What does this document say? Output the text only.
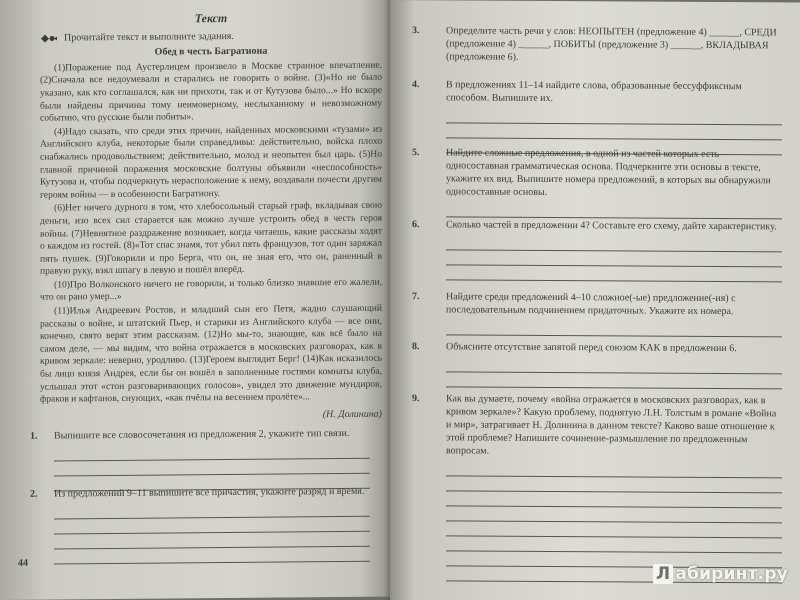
Текст
Прочитайте текст и выполните задания.
Обед в честь Багратиона

(1)Поражение под Аустерлицем произвело в Москве странное впечатление. (2)Сначала все недоумевали и старались не говорить о войне. (3)«Но не было указано, как кто соглашался, как ни прихоти, так и от Кутузова было...» Но вскоре были найдены причины тому неимоверному, неслыханному и невозможному событию, что русские были побиты».

(4)Надо сказать, что среди этих причин, найденных московскими «тузами» из Английского клуба, некоторые были справедливы: действительно, войска плохо снабжались продовольствием; действительно, молод и неопытен был царь. (5)Но главной причиной поражения московские болтуны объявили «неспособность» Кутузова и, чтобы подчеркнуть нерасположение к нему, воздавали почести другим героям войны — в особенности Багратиону.

(6)Нет ничего дурного в том, что хлебосольный старый граф, вкладывая свою деньги, изо всех сил старается как можно лучше устроить обед в честь героя войны. (7)Невнятное раздражение возникает, когда читаешь, какие рассказы ходят о каждом из гостей. (8)«Тот спас знамя, тот убил пять французов, тот один заряжал пять пушек. (9)Говорили и про Берга, что он, не зная его, что он, раненный в правую руку, взял шпагу в левую и пошёл вперёд.

(10)Про Волконского ничего не говорили, и только близко знавшие его жалели, что он рано умер...»

(11)Илья Андреевич Ростов, и младший сын его Петя, жадно слушающий рассказы о войне, и штатский Пьер, и старики из Английского клуба — все они, конечно, свято верят этим рассказам. (12)Но мы-то, знающие, как всё было на самом деле, — мы видим, что война отражается в московских разговорах, как в кривом зеркале: неверно, уродливо. (13)Героем выглядит Берг! (14)Как исказилось бы лицо князя Андрея, если бы он вошёл в заполненные гостями комнаты клуба, услышал этот «стон разговаривающих голосов», увидел это движение мундиров, фраков и кафтанов, снующих, «как пчёлы на весеннем пролёте»...

(Н. Долинина)
1.	Выпишите все словосочетания из предложения 2, укажите тип связи.
2.	Из предложений 9–11 выпишите все причастия, укажите разряд и время.
44
3.	Определите часть речи у слов: НЕОПЫТЕН (предложение 4) ______, СРЕДИ (предложение 4) ______, ПОБИТЫ (предложение 3) ______, ВКЛАДЫВАЯ (предложение 6).
4.	В предложениях 11–14 найдите слова, образованные бессуффиксным способом. Выпишите их.
5.	Найдите сложные предложения, в одной из частей которых есть односоставная грамматическая основа. Подчеркните эти основы в тексте, укажите их вид. Выпишите номера предложений, в которых вы обнаружили односоставные основы.
6.	Сколько частей в предложении 4? Составьте его схему, дайте характеристику.
7.	Найдите среди предложений 4–10 сложное(-ые) предложение(-ия) с последовательным подчинением придаточных. Укажите их номера.
8.	Объясните отсутствие запятой перед союзом КАК в предложении 6.
9.	Как вы думаете, почему «война отражается в московских разговорах, как в кривом зеркале»? Какую проблему, поднятую Л.Н. Толстым в романе «Война и мир», затрагивает Н. Долинина в данном тексте? Каково ваше отношение к этой проблеме? Напишите сочинение-размышление по предложенным вопросам.
Л абиринт.ру
